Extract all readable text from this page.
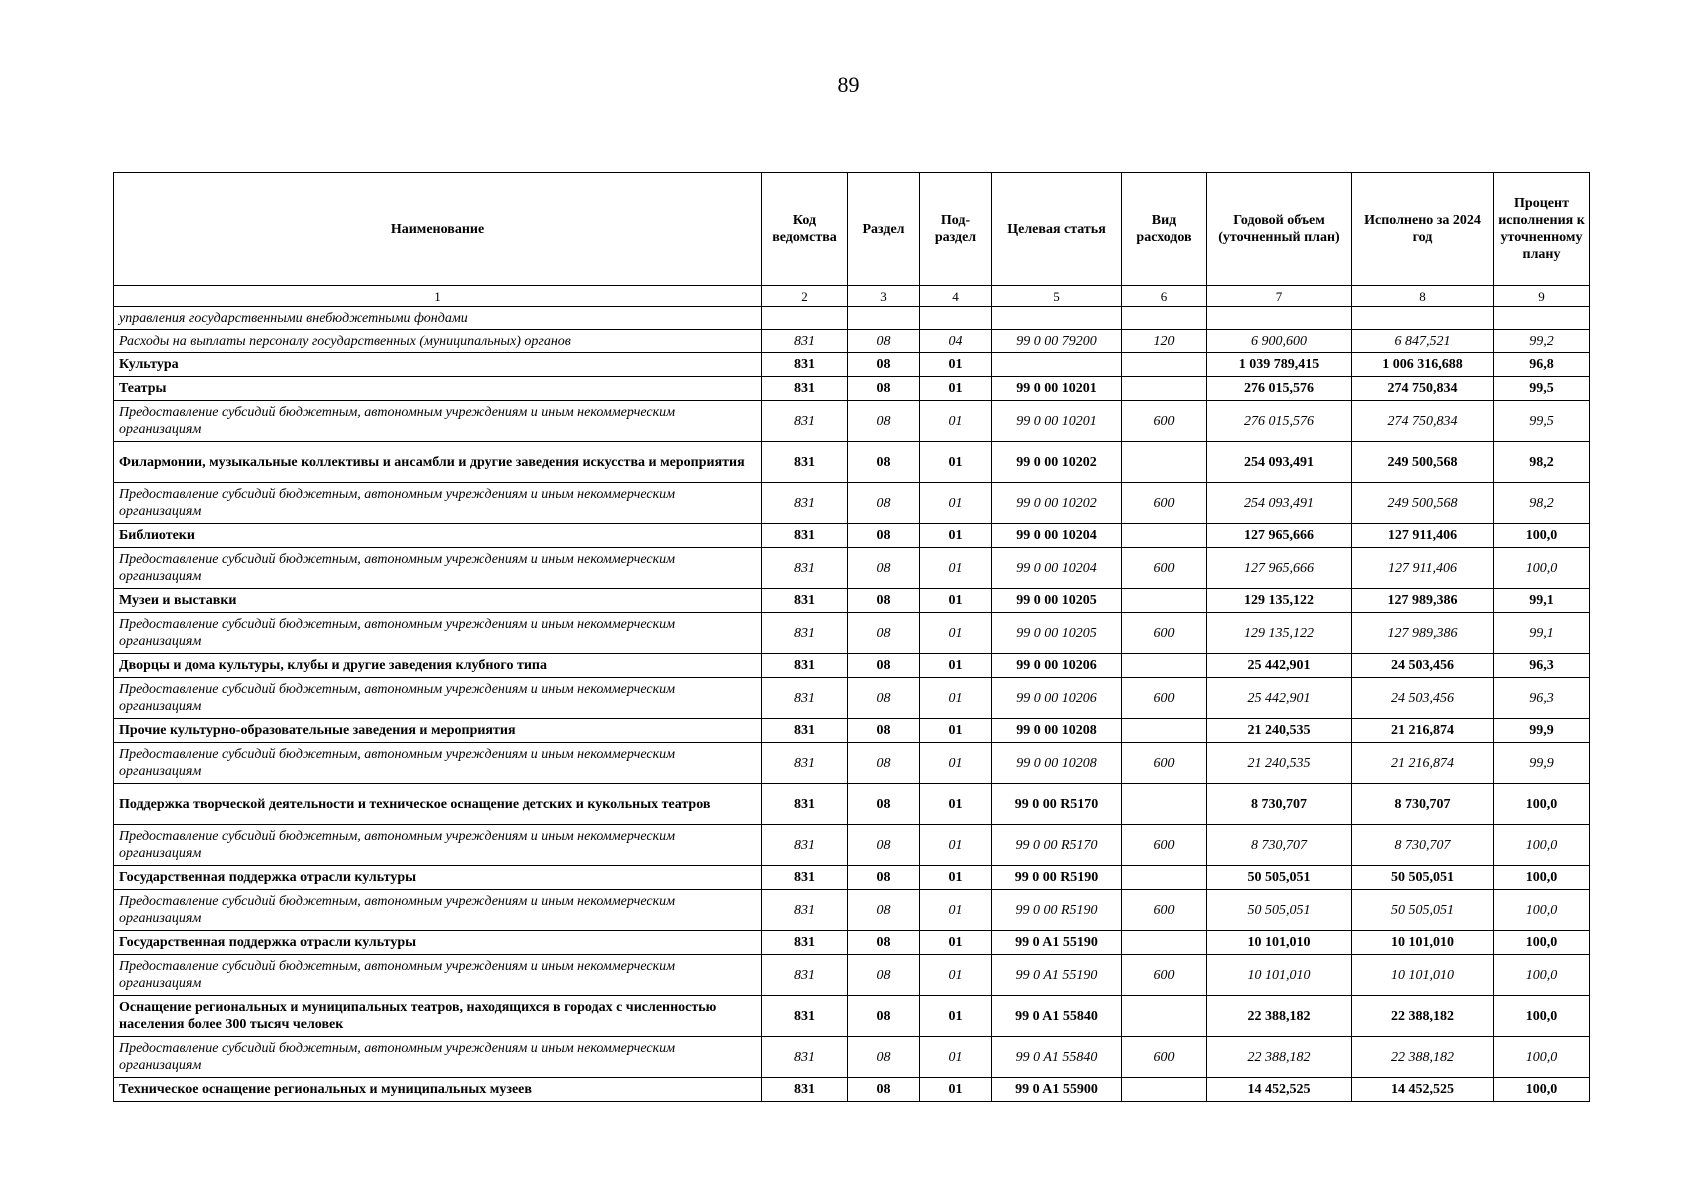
89
Наименование	Код ведомства	Раздел	Под-раздел	Целевая статья	Вид расходов	Годовой объем (уточненный план)	Исполнено за 2024 год	Процент исполнения к уточненному плану
1	2	3	4	5	6	7	8	9
управления государственными внебюджетными фондами								
Расходы на выплаты персоналу государственных (муниципальных) органов	831	08	04	99 0 00 79200	120	6 900,600	6 847,521	99,2
Культура	831	08	01			1 039 789,415	1 006 316,688	96,8
Театры	831	08	01	99 0 00 10201		276 015,576	274 750,834	99,5
Предоставление субсидий бюджетным, автономным учреждениям и иным некоммерческим организациям	831	08	01	99 0 00 10201	600	276 015,576	274 750,834	99,5
Филармонии, музыкальные коллективы и ансамбли и другие заведения искусства и мероприятия	831	08	01	99 0 00 10202		254 093,491	249 500,568	98,2
Предоставление субсидий бюджетным, автономным учреждениям и иным некоммерческим организациям	831	08	01	99 0 00 10202	600	254 093,491	249 500,568	98,2
Библиотеки	831	08	01	99 0 00 10204		127 965,666	127 911,406	100,0
Предоставление субсидий бюджетным, автономным учреждениям и иным некоммерческим организациям	831	08	01	99 0 00 10204	600	127 965,666	127 911,406	100,0
Музеи и выставки	831	08	01	99 0 00 10205		129 135,122	127 989,386	99,1
Предоставление субсидий бюджетным, автономным учреждениям и иным некоммерческим организациям	831	08	01	99 0 00 10205	600	129 135,122	127 989,386	99,1
Дворцы и дома культуры, клубы и другие заведения клубного типа	831	08	01	99 0 00 10206		25 442,901	24 503,456	96,3
Предоставление субсидий бюджетным, автономным учреждениям и иным некоммерческим организациям	831	08	01	99 0 00 10206	600	25 442,901	24 503,456	96,3
Прочие культурно-образовательные заведения и мероприятия	831	08	01	99 0 00 10208		21 240,535	21 216,874	99,9
Предоставление субсидий бюджетным, автономным учреждениям и иным некоммерческим организациям	831	08	01	99 0 00 10208	600	21 240,535	21 216,874	99,9
Поддержка творческой деятельности и техническое оснащение детских и кукольных театров	831	08	01	99 0 00 R5170		8 730,707	8 730,707	100,0
Предоставление субсидий бюджетным, автономным учреждениям и иным некоммерческим организациям	831	08	01	99 0 00 R5170	600	8 730,707	8 730,707	100,0
Государственная поддержка отрасли культуры	831	08	01	99 0 00 R5190		50 505,051	50 505,051	100,0
Предоставление субсидий бюджетным, автономным учреждениям и иным некоммерческим организациям	831	08	01	99 0 00 R5190	600	50 505,051	50 505,051	100,0
Государственная поддержка отрасли культуры	831	08	01	99 0 A1 55190		10 101,010	10 101,010	100,0
Предоставление субсидий бюджетным, автономным учреждениям и иным некоммерческим организациям	831	08	01	99 0 A1 55190	600	10 101,010	10 101,010	100,0
Оснащение региональных и муниципальных театров, находящихся в городах с численностью населения более 300 тысяч человек	831	08	01	99 0 A1 55840		22 388,182	22 388,182	100,0
Предоставление субсидий бюджетным, автономным учреждениям и иным некоммерческим организациям	831	08	01	99 0 A1 55840	600	22 388,182	22 388,182	100,0
Техническое оснащение региональных и муниципальных музеев	831	08	01	99 0 A1 55900		14 452,525	14 452,525	100,0
